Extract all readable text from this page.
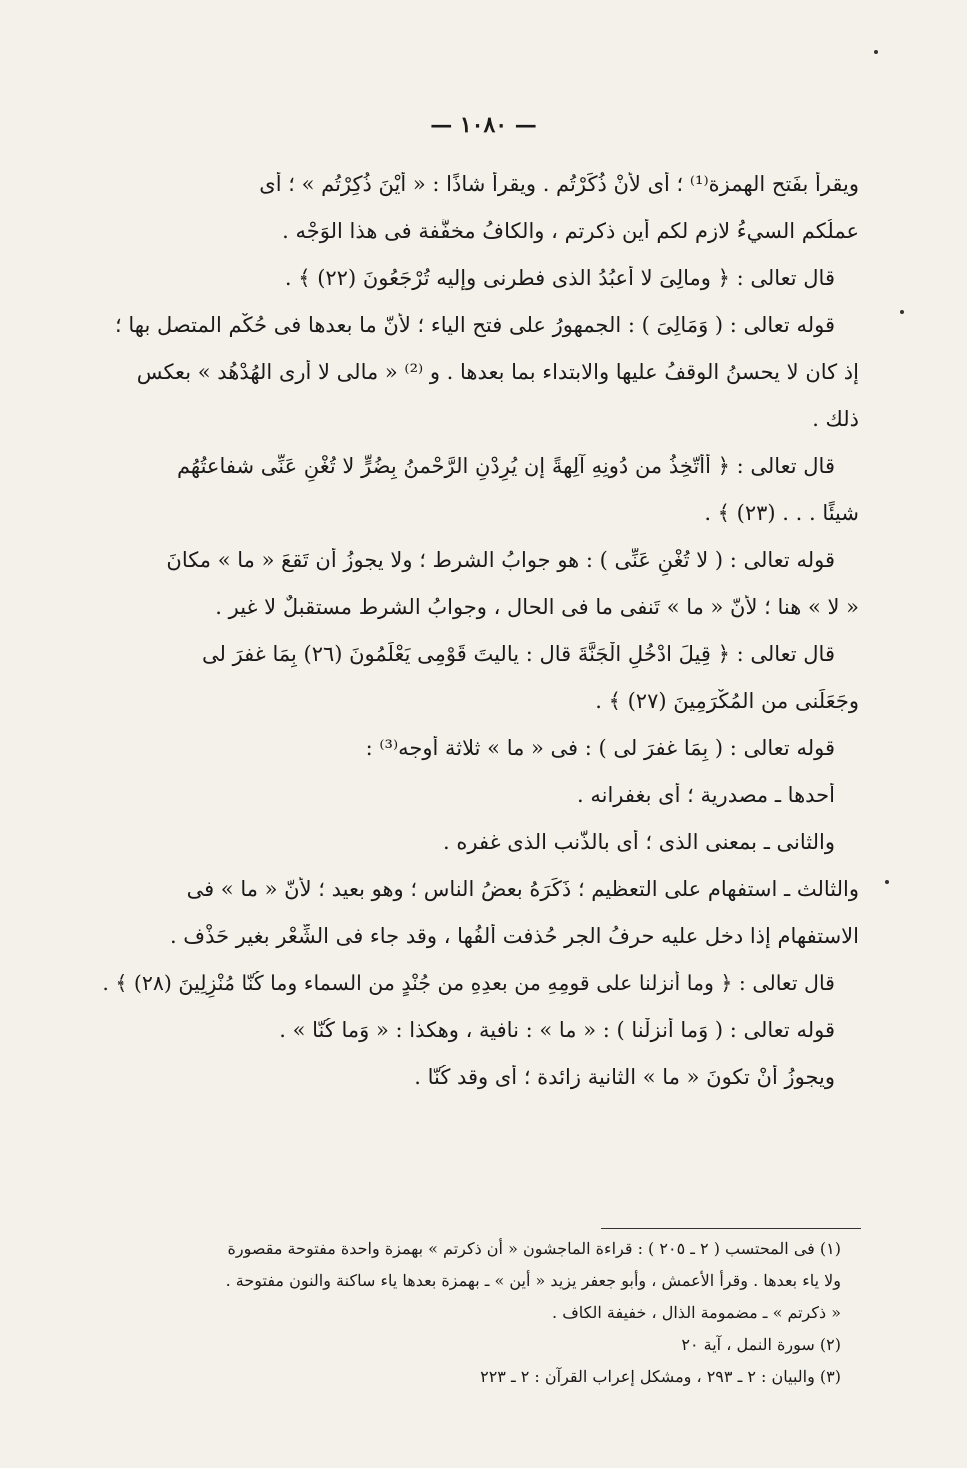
— ١٠٨٠ —
ويقرأ بفَتح الهمزة⁽¹⁾ ؛ أى لأَنْ ذُكِّرْتُم . ويقرأ شاذًا : « أَيْنَ ذُكِرْتُم » ؛ أى
عملُكم السيءُ لازم لكم أين ذكرتم ، والكافُ مخفَّفة فى هذا الوَجْه .
قال تعالى : ﴿ ومالِىَ لا أعبُدُ الذى فطرنى وإليه تُرْجَعُونَ (٢٢) ﴾ .
قوله تعالى : ( وَمَالِىَ ) : الجمهورُ على فتح الياء ؛ لأنّ ما بعدها فى حُكْم المتصل بها ؛
إذ كان لا يحسنُ الوقفُ عليها والابتداء بما بعدها . و ⁽²⁾ « مالى لا أرى الهُدْهُد » بعكس
ذلك .
قال تعالى : ﴿ أأتّخِذُ من دُونِهِ آلِهةً إن يُرِدْنِ الرَّحْمنُ بِضُرٍّ لا تُغْنِ عَنِّى شفاعتُهُم
شيئًا . . . (٢٣) ﴾ .
قوله تعالى : ( لا تُغْنِ عَنِّى ) : هو جوابُ الشرط ؛ ولا يجوزُ أن تَقعَ « ما » مكانَ
« لا » هنا ؛ لأنّ « ما » تَنفى ما فى الحال ، وجوابُ الشرط مستقبلٌ لا غير .
قال تعالى : ﴿ قِيلَ ادْخُلِ الْجَنَّةَ قال : ياليتَ قَوْمِى يَعْلَمُونَ (٢٦) بِمَا غفرَ لى
وجَعَلَنى من المُكْرَمِينَ (٢٧) ﴾ .
قوله تعالى : ( بِمَا غفرَ لى ) : فى « ما » ثلاثة أوجه⁽³⁾ :
أحدها ـ مصدرية ؛ أى بغفرانه .
والثانى ـ بمعنى الذى ؛ أى بالذّنب الذى غفره .
والثالث ـ استفهام على التعظيم ؛ ذَكَرَهُ بعضُ الناس ؛ وهو بعيد ؛ لأنّ « ما » فى
الاستفهام إذا دخل عليه حرفُ الجر حُذفت ألفُها ، وقد جاء فى الشِّعْر بغير حَذْف .
قال تعالى : ﴿ وما أنزلنا على قومِهِ من بعدِهِ من جُنْدٍ من السماء وما كُنّا مُنْزِلِينَ (٢٨) ﴾ .
قوله تعالى : ( وَما أَنزلْنا ) : « ما » : نافية ، وهكذا : « وَما كُنّا » .
ويجوزُ أَنْ تكونَ « ما » الثانية زائدة ؛ أى وقد كُنّا .
(١) فى المحتسب ( ٢ ـ ٢٠٥ ) : قراءة الماجشون « أن ذكرتم » بهمزة واحدة مفتوحة مقصورة
ولا ياء بعدها . وقرأ الأعمش ، وأبو جعفر يزيد « أين » ـ بهمزة بعدها ياء ساكنة والنون مفتوحة .
« ذكرتم » ـ مضمومة الذال ، خفيفة الكاف .
(٢) سورة النمل ، آية ٢٠
(٣) والبيان : ٢ ـ ٢٩٣ ، ومشكل إعراب القرآن : ٢ ـ ٢٢٣
